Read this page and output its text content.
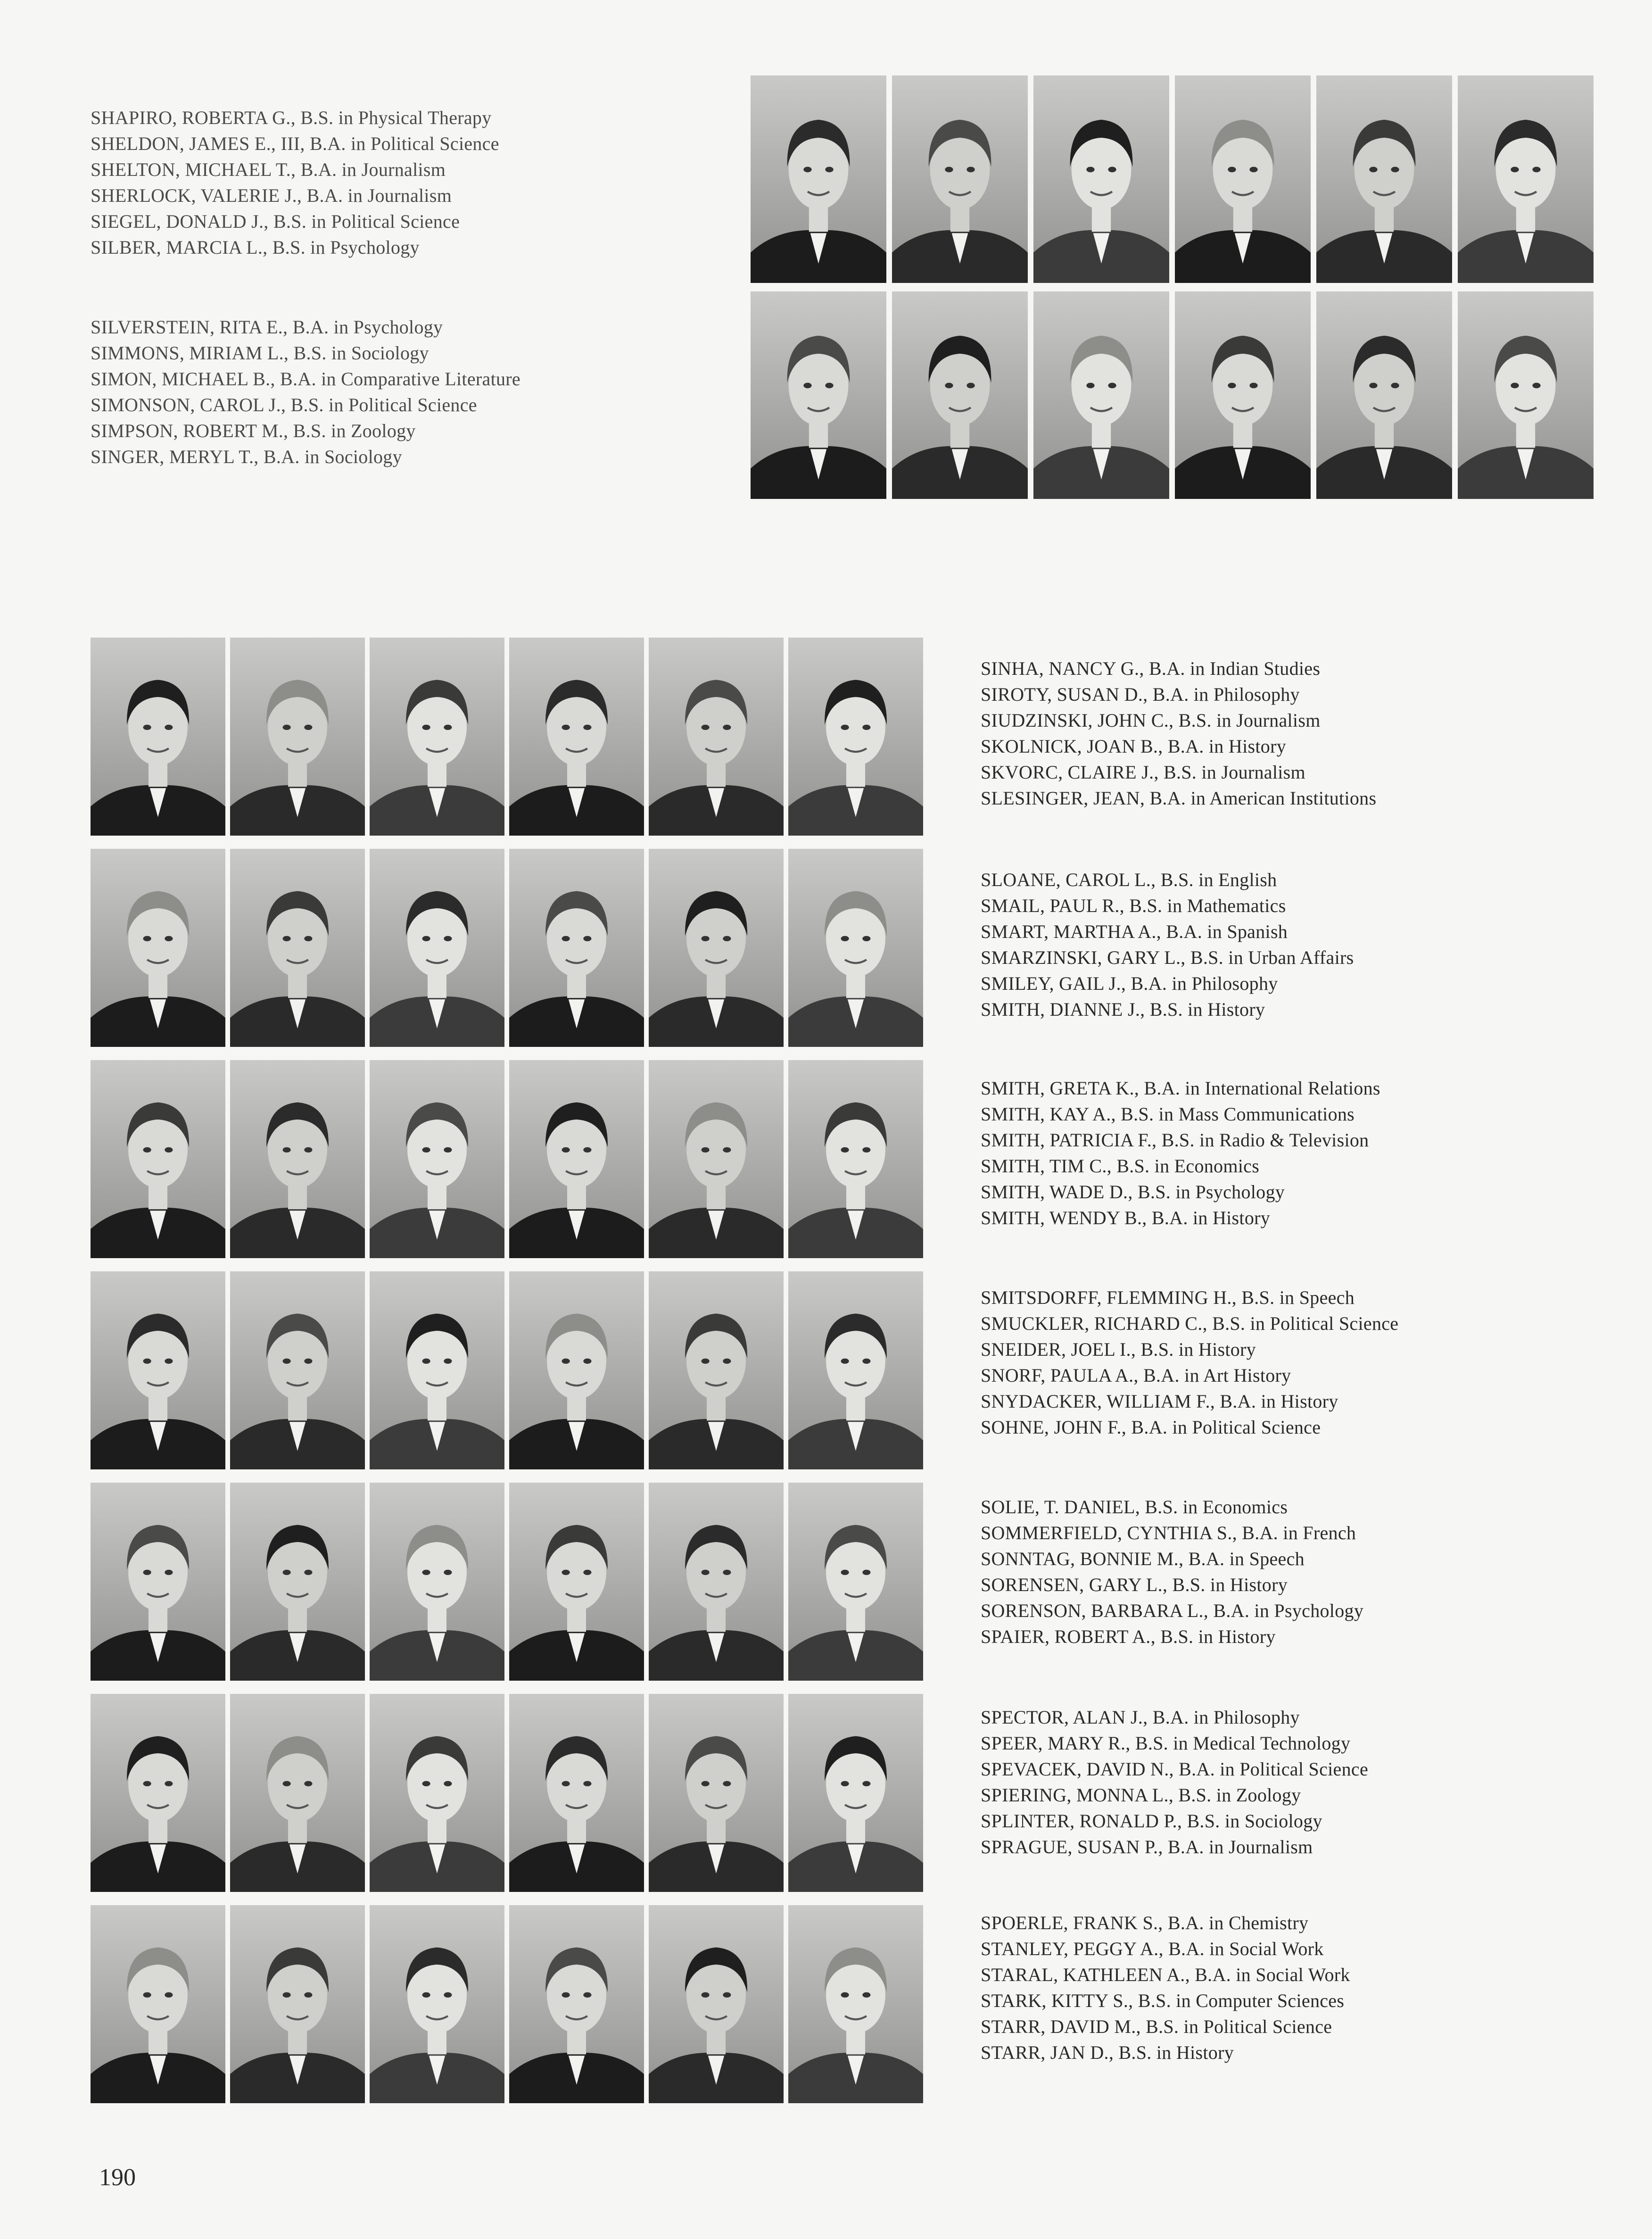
SHAPIRO, ROBERTA G., B.S. in Physical Therapy
SHELDON, JAMES E., III, B.A. in Political Science
SHELTON, MICHAEL T., B.A. in Journalism
SHERLOCK, VALERIE J., B.A. in Journalism
SIEGEL, DONALD J., B.S. in Political Science
SILBER, MARCIA L., B.S. in Psychology
SILVERSTEIN, RITA E., B.A. in Psychology
SIMMONS, MIRIAM L., B.S. in Sociology
SIMON, MICHAEL B., B.A. in Comparative Literature
SIMONSON, CAROL J., B.S. in Political Science
SIMPSON, ROBERT M., B.S. in Zoology
SINGER, MERYL T., B.A. in Sociology
SINHA, NANCY G., B.A. in Indian Studies
SIROTY, SUSAN D., B.A. in Philosophy
SIUDZINSKI, JOHN C., B.S. in Journalism
SKOLNICK, JOAN B., B.A. in History
SKVORC, CLAIRE J., B.S. in Journalism
SLESINGER, JEAN, B.A. in American Institutions
SLOANE, CAROL L., B.S. in English
SMAIL, PAUL R., B.S. in Mathematics
SMART, MARTHA A., B.A. in Spanish
SMARZINSKI, GARY L., B.S. in Urban Affairs
SMILEY, GAIL J., B.A. in Philosophy
SMITH, DIANNE J., B.S. in History
SMITH, GRETA K., B.A. in International Relations
SMITH, KAY A., B.S. in Mass Communications
SMITH, PATRICIA F., B.S. in Radio & Television
SMITH, TIM C., B.S. in Economics
SMITH, WADE D., B.S. in Psychology
SMITH, WENDY B., B.A. in History
SMITSDORFF, FLEMMING H., B.S. in Speech
SMUCKLER, RICHARD C., B.S. in Political Science
SNEIDER, JOEL I., B.S. in History
SNORF, PAULA A., B.A. in Art History
SNYDACKER, WILLIAM F., B.A. in History
SOHNE, JOHN F., B.A. in Political Science
SOLIE, T. DANIEL, B.S. in Economics
SOMMERFIELD, CYNTHIA S., B.A. in French
SONNTAG, BONNIE M., B.A. in Speech
SORENSEN, GARY L., B.S. in History
SORENSON, BARBARA L., B.A. in Psychology
SPAIER, ROBERT A., B.S. in History
SPECTOR, ALAN J., B.A. in Philosophy
SPEER, MARY R., B.S. in Medical Technology
SPEVACEK, DAVID N., B.A. in Political Science
SPIERING, MONNA L., B.S. in Zoology
SPLINTER, RONALD P., B.S. in Sociology
SPRAGUE, SUSAN P., B.A. in Journalism
SPOERLE, FRANK S., B.A. in Chemistry
STANLEY, PEGGY A., B.A. in Social Work
STARAL, KATHLEEN A., B.A. in Social Work
STARK, KITTY S., B.S. in Computer Sciences
STARR, DAVID M., B.S. in Political Science
STARR, JAN D., B.S. in History
190
